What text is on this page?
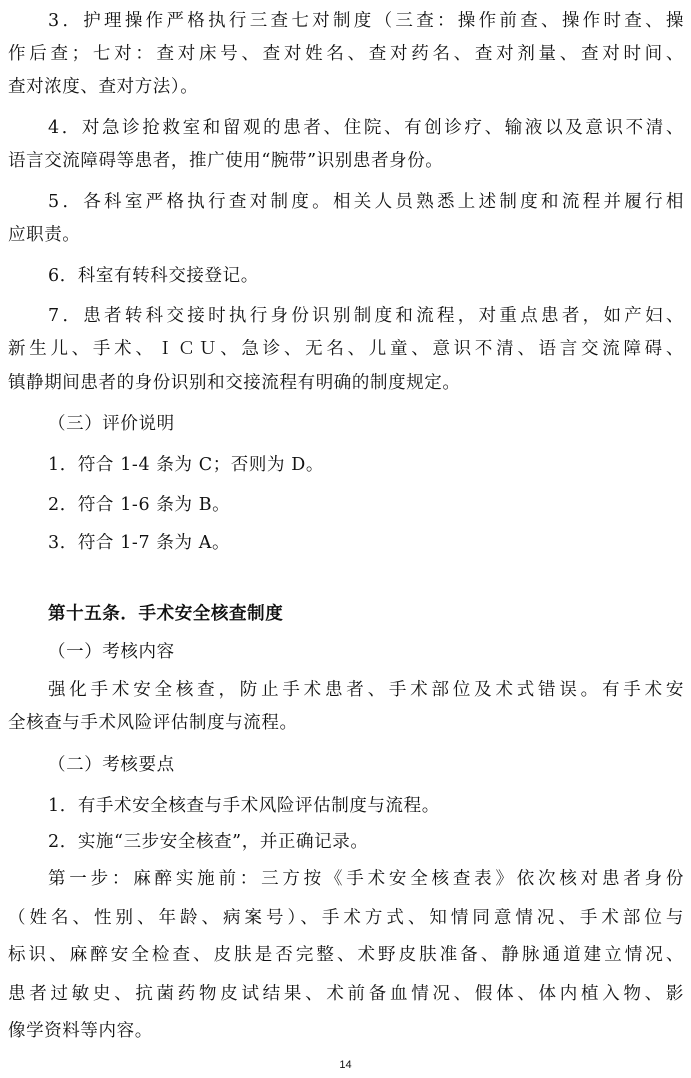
3．护理操作严格执行三查七对制度（三查：操作前查、操作时查、操
作后查；七对：查对床号、查对姓名、查对药名、查对剂量、查对时间、
查对浓度、查对方法）。
4．对急诊抢救室和留观的患者、住院、有创诊疗、输液以及意识不清、
语言交流障碍等患者，推广使用“腕带”识别患者身份。
5．各科室严格执行查对制度。相关人员熟悉上述制度和流程并履行相
应职责。
6．科室有转科交接登记。
7．患者转科交接时执行身份识别制度和流程，对重点患者，如产妇、
新生儿、手术、ＩＣＵ、急诊、无名、儿童、意识不清、语言交流障碍、
镇静期间患者的身份识别和交接流程有明确的制度规定。
（三）评价说明
1．符合 1-4 条为 C；否则为 D。
2．符合 1-6 条为 B。
3．符合 1-7 条为 A。
第十五条．手术安全核查制度
（一）考核内容
强化手术安全核查，防止手术患者、手术部位及术式错误。有手术安
全核查与手术风险评估制度与流程。
（二）考核要点
1．有手术安全核查与手术风险评估制度与流程。
2．实施“三步安全核查”，并正确记录。
第一步：麻醉实施前：三方按《手术安全核查表》依次核对患者身份
（姓名、性别、年龄、病案号）、手术方式、知情同意情况、手术部位与
标识、麻醉安全检查、皮肤是否完整、术野皮肤准备、静脉通道建立情况、
患者过敏史、抗菌药物皮试结果、术前备血情况、假体、体内植入物、影
像学资料等内容。
14
